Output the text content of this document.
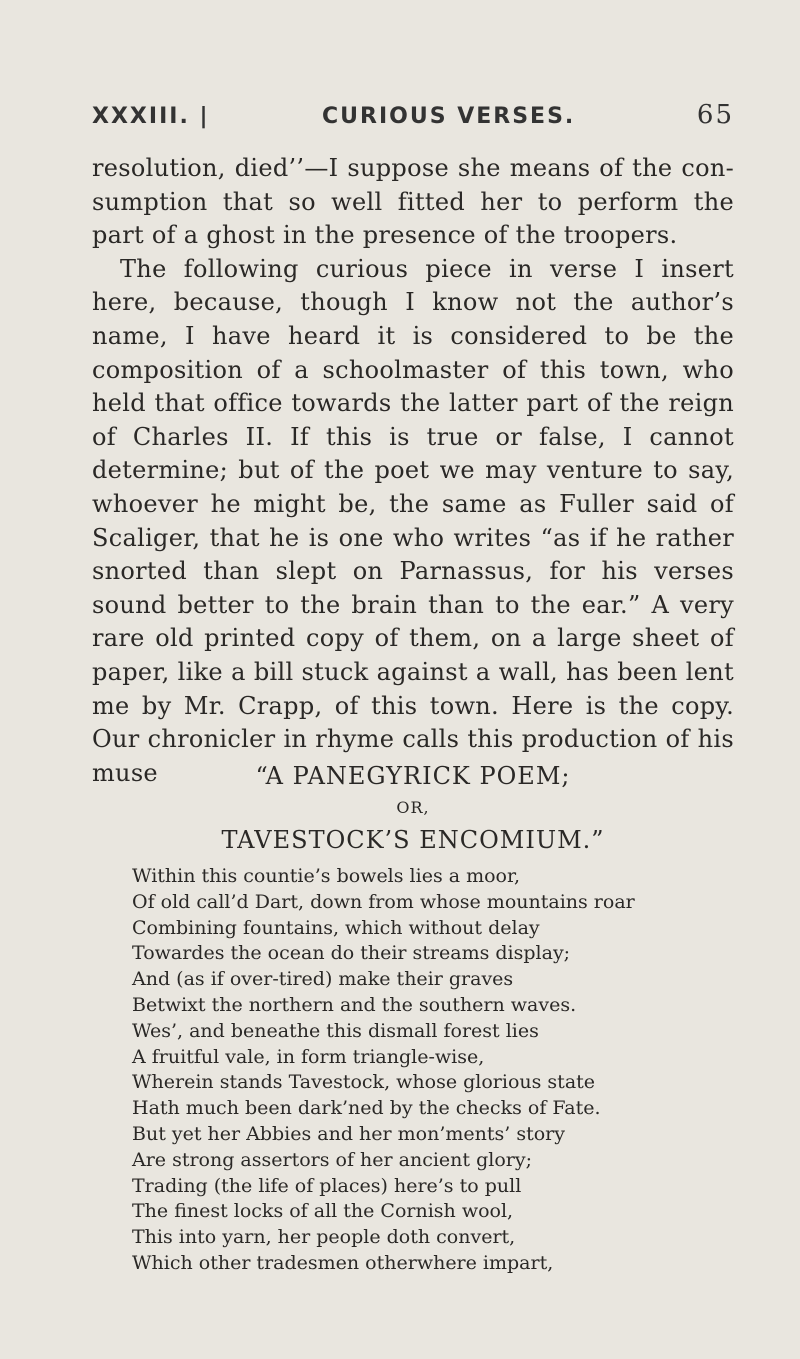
XXXIII. |	CURIOUS VERSES.	65

resolution, died’’—I suppose she means of the con-sumption that so well fitted her to perform the part of a ghost in the presence of the troopers.

The following curious piece in verse I insert here, because, though I know not the author’s name, I have heard it is considered to be the composition of a schoolmaster of this town, who held that office towards the latter part of the reign of Charles II. If this is true or false, I cannot determine; but of the poet we may venture to say, whoever he might be, the same as Fuller said of Scaliger, that he is one who writes “as if he rather snorted than slept on Parnassus, for his verses sound better to the brain than to the ear.” A very rare old printed copy of them, on a large sheet of paper, like a bill stuck against a wall, has been lent me by Mr. Crapp, of this town. Here is the copy. Our chronicler in rhyme calls this production of his muse	“A PANEGYRICK POEM;

OR,

TAVESTOCK’S ENCOMIUM.”

Within this countie’s bowels lies a moor,
Of old call’d Dart, down from whose mountains roar
Combining fountains, which without delay
Towardes the ocean do their streams display;
And (as if over-tired) make their graves
Betwixt the northern and the southern waves.
Wes’, and beneathe this dismall forest lies
A fruitful vale, in form triangle-wise,
Wherein stands Tavestock, whose glorious state
Hath much been dark’ned by the checks of Fate.
But yet her Abbies and her mon’ments’ story
Are strong assertors of her ancient glory;
Trading (the life of places) here’s to pull
The finest locks of all the Cornish wool,
This into yarn, her people doth convert,
Which other tradesmen otherwhere impart,
